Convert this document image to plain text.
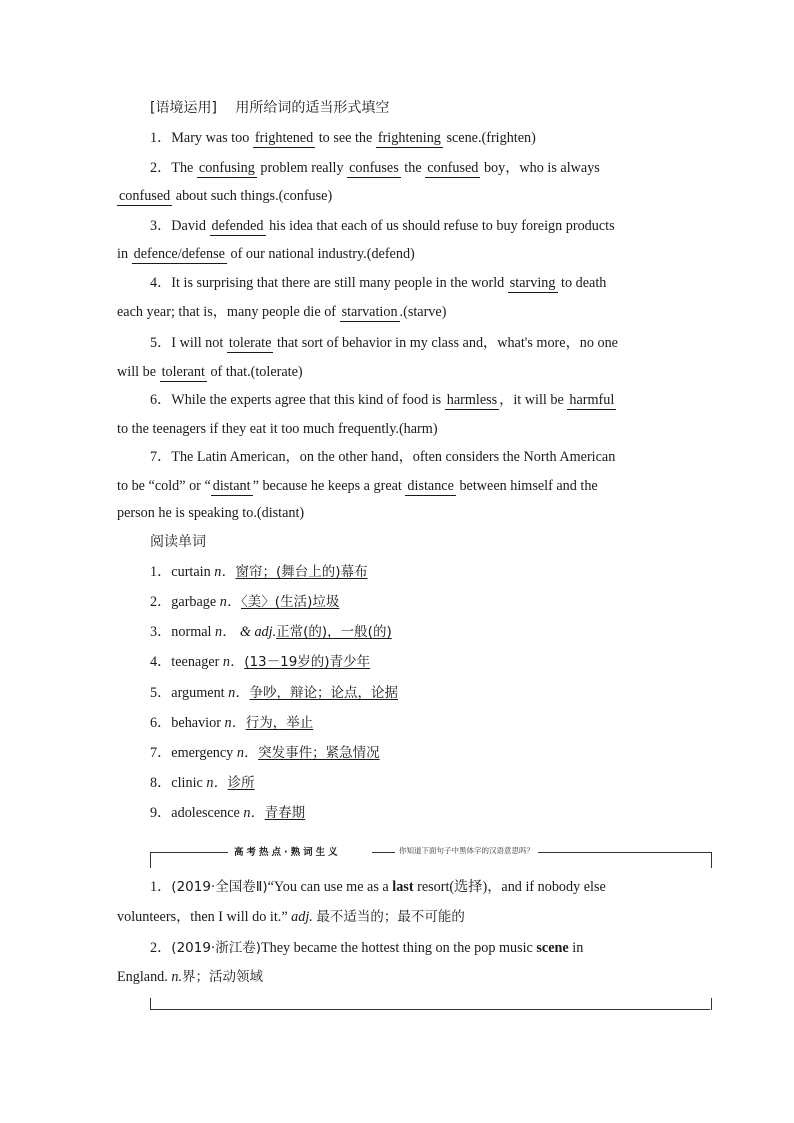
[语境运用] 用所给词的适当形式填空
1．Mary was too frightened to see the frightening scene.(frighten)
2．The confusing problem really confuses the confused boy，who is always
confused about such things.(confuse)
3．David defended his idea that each of us should refuse to buy foreign products
in defence/defense of our national industry.(defend)
4．It is surprising that there are still many people in the world starving to death
each year; that is，many people die of starvation .(starve)
5．I will not tolerate that sort of behavior in my class and，what's more，no one
will be tolerant of that.(tolerate)
6．While the experts agree that this kind of food is harmless ，it will be harmful
to the teenagers if they eat it too much frequently.(harm)
7．The Latin American，on the other hand，often considers the North American
to be “cold” or “ distant ” because he keeps a great distance between himself and the
person he is speaking to.(distant)
阅读单词
1．curtain n．窗帘；(舞台上的)幕布
2．garbage n．〈美〉(生活)垃圾
3．normal n． & adj.正常(的)，一般(的)
4．teenager n．(13－19岁的)青少年
5．argument n．争吵，辩论；论点，论据
6．behavior n．行为，举止
7．emergency n．突发事件；紧急情况
8．clinic n．诊所
9．adolescence n．青春期
高考热点·熟词生义	你知道下面句子中黑体字的汉语意思吗？
1．(2019·全国卷Ⅱ)“You can use me as a last resort(选择)，and if nobody else
volunteers，then I will do it.” adj. 最不适当的；最不可能的
2．(2019·浙江卷)They became the hottest thing on the pop music scene in
England. n.界；活动领域
